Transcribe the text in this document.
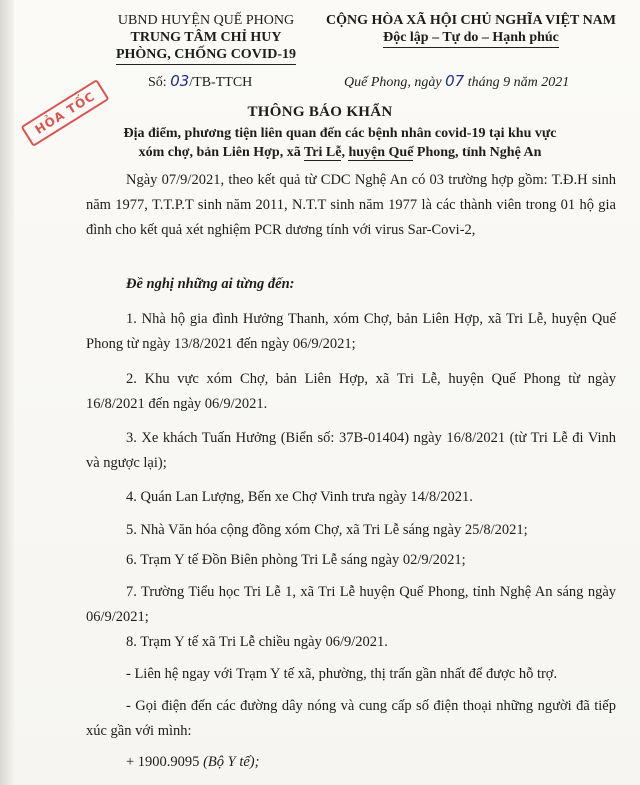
UBND HUYỆN QUẾ PHONG
TRUNG TÂM CHỈ HUY
PHÒNG, CHỐNG COVID-19
CỘNG HÒA XÃ HỘI CHỦ NGHĨA VIỆT NAM
Độc lập – Tự do – Hạnh phúc
Số: 03/TB-TTCH	Quế Phong, ngày 07 tháng 9 năm 2021
HỎA TỐC	THÔNG BÁO KHẨN
Địa điểm, phương tiện liên quan đến các bệnh nhân covid-19 tại khu vực
xóm chợ, bản Liên Hợp, xã Tri Lễ, huyện Quế Phong, tỉnh Nghệ An
Ngày 07/9/2021, theo kết quả từ CDC Nghệ An có 03 trường hợp gồm: T.Đ.H sinh năm 1977, T.T.P.T sinh năm 2011, N.T.T sinh năm 1977 là các thành viên trong 01 hộ gia đình cho kết quả xét nghiệm PCR dương tính với virus Sar-Covi-2,
Đề nghị những ai từng đến:
1. Nhà hộ gia đình Hưởng Thanh, xóm Chợ, bản Liên Hợp, xã Tri Lễ, huyện Quế Phong từ ngày 13/8/2021 đến ngày 06/9/2021;
2. Khu vực xóm Chợ, bản Liên Hợp, xã Tri Lễ, huyện Quế Phong từ ngày 16/8/2021 đến ngày 06/9/2021.
3. Xe khách Tuấn Hưởng (Biển số: 37B-01404) ngày 16/8/2021 (từ Tri Lễ đi Vinh và ngược lại);
4. Quán Lan Lượng, Bến xe Chợ Vinh trưa ngày 14/8/2021.
5. Nhà Văn hóa cộng đồng xóm Chợ, xã Tri Lễ sáng ngày 25/8/2021;
6. Trạm Y tế Đồn Biên phòng Tri Lễ sáng ngày 02/9/2021;
7. Trường Tiểu học Tri Lễ 1, xã Tri Lễ huyện Quế Phong, tỉnh Nghệ An sáng ngày 06/9/2021;
8. Trạm Y tế xã Tri Lễ chiều ngày 06/9/2021.
- Liên hệ ngay với Trạm Y tế xã, phường, thị trấn gần nhất để được hỗ trợ.
- Gọi điện đến các đường dây nóng và cung cấp số điện thoại những người đã tiếp xúc gần với mình:
+ 1900.9095 (Bộ Y tế);
